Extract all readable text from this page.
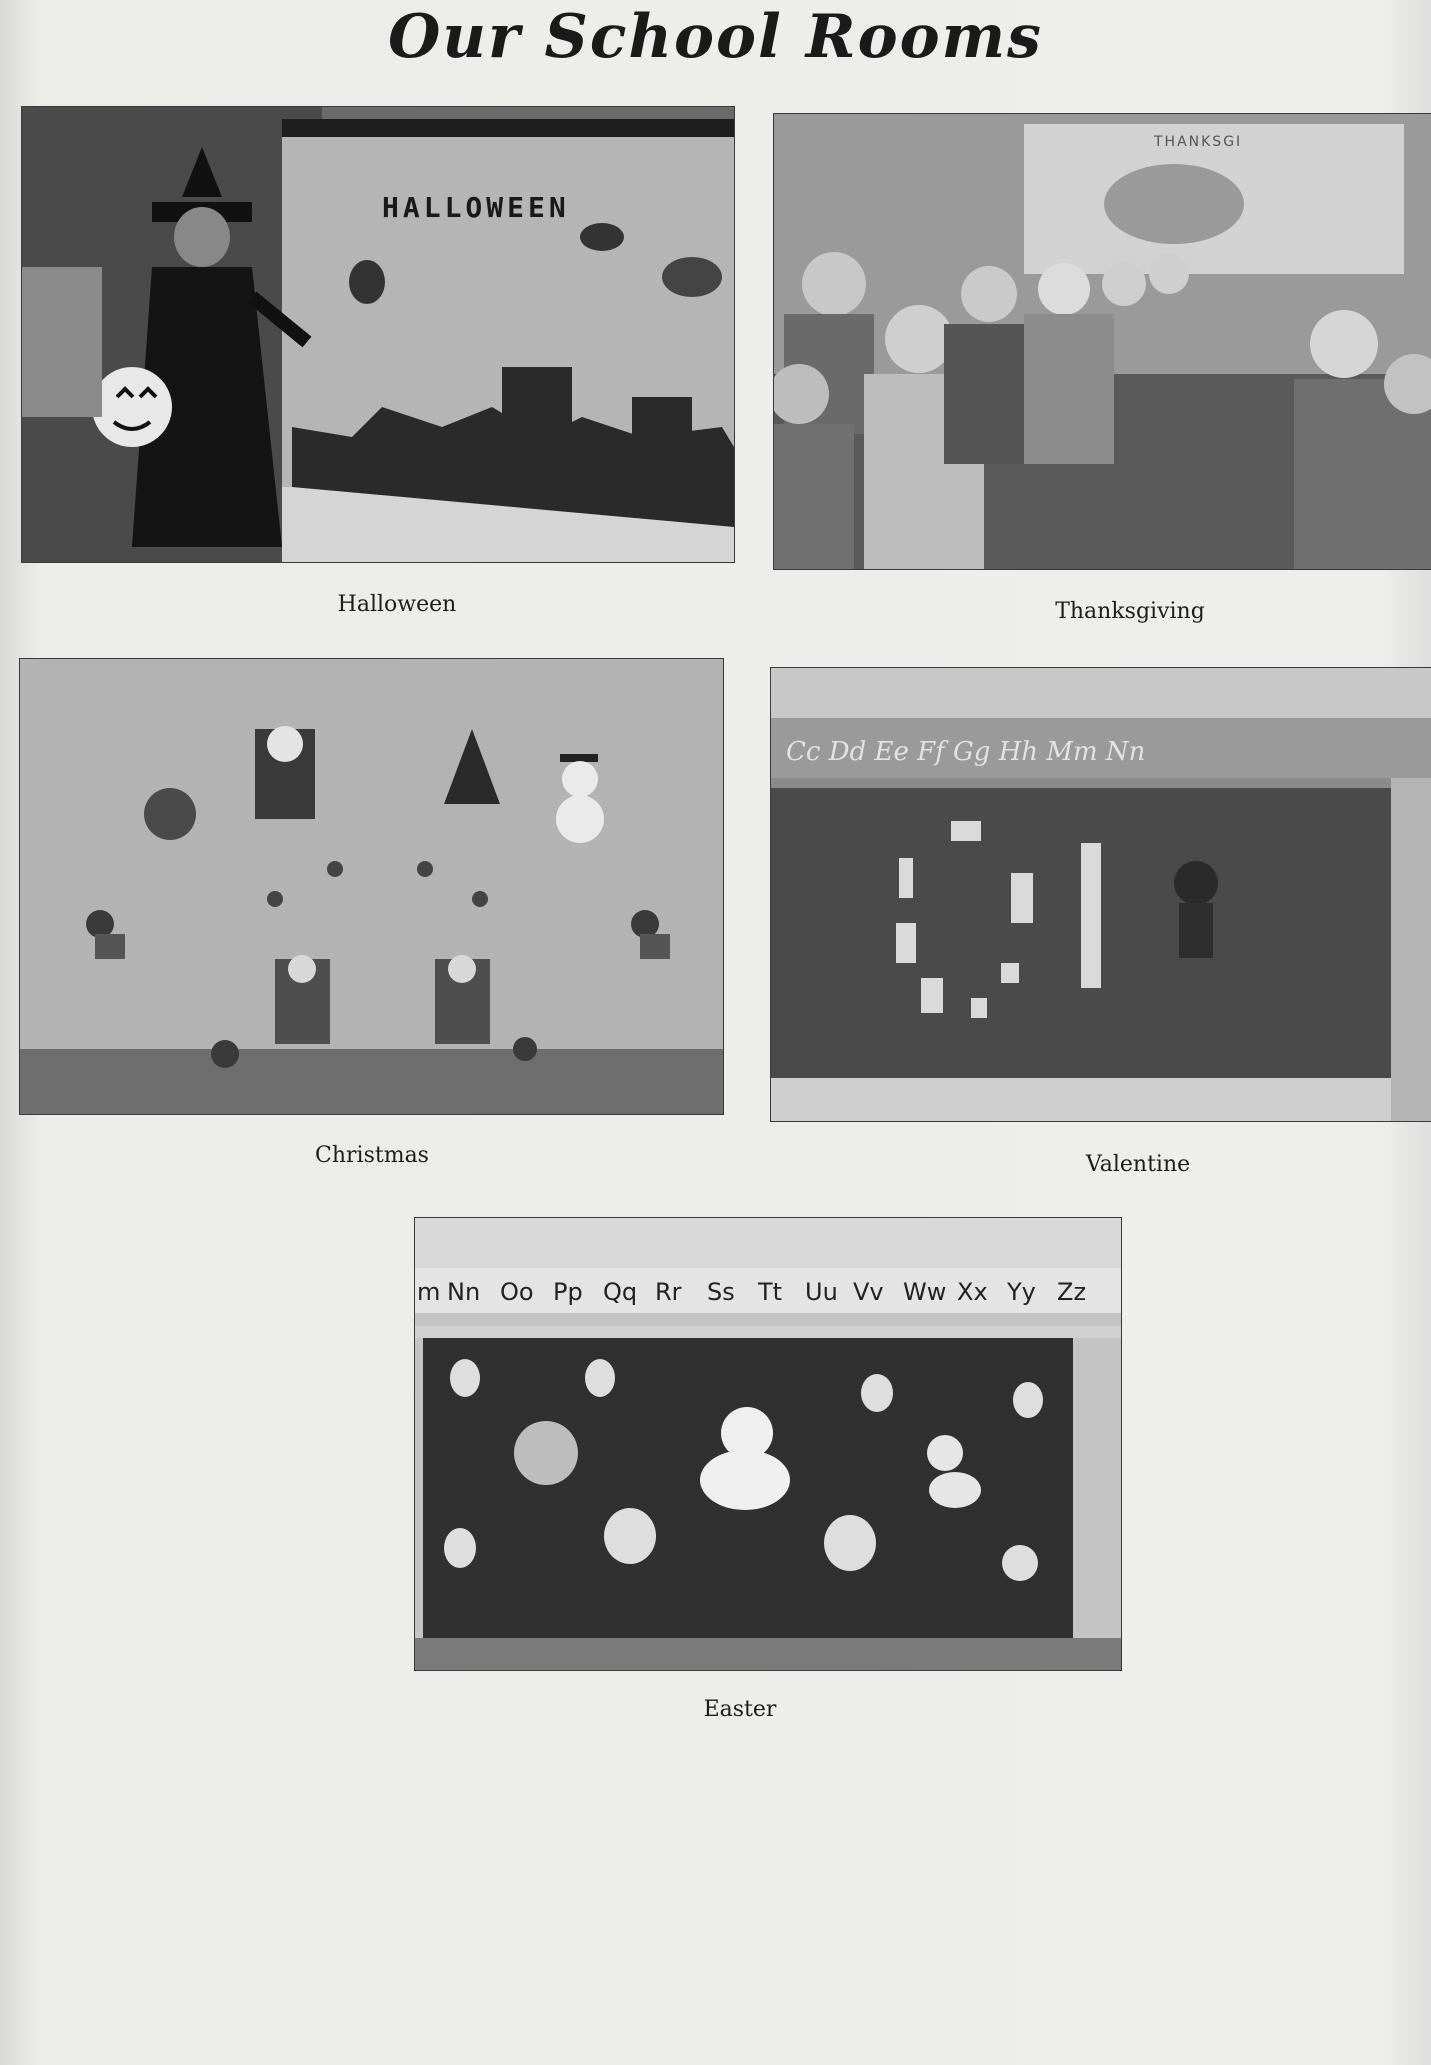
Our School Rooms
HALLOWEEN
Halloween
THANKSGI
Thanksgiving
Christmas
Cc Dd Ee Ff Gg Hh Mm Nn
Valentine
m Nn Oo Pp Qq Rr Ss Tt Uu Vv Ww Xx Yy Zz
Easter
